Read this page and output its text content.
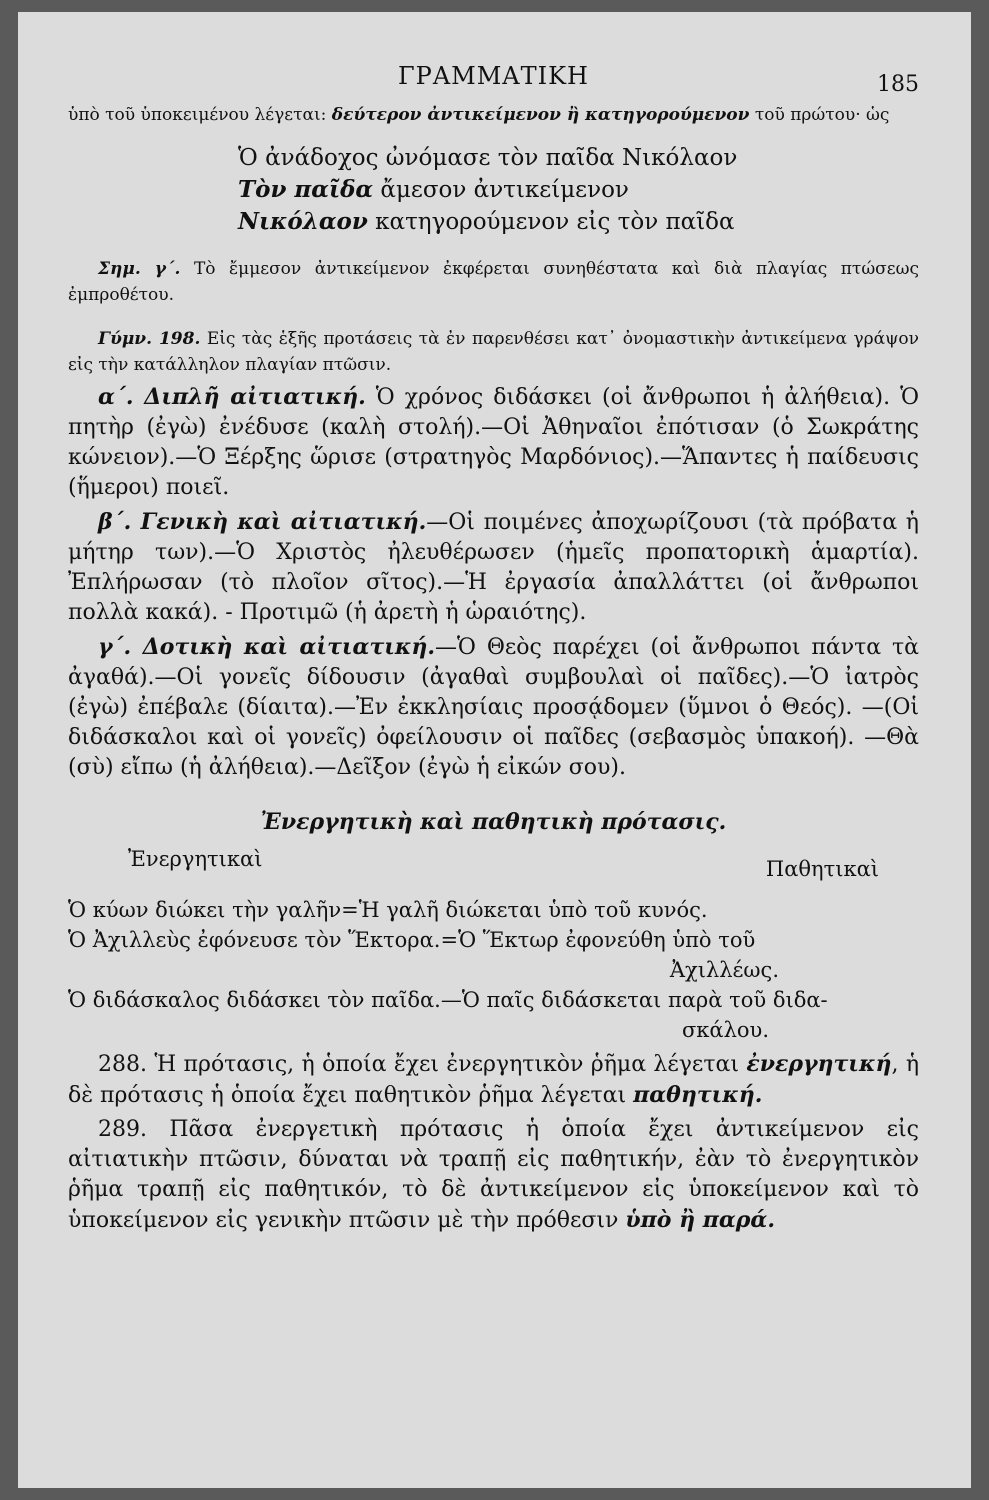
ΓΡΑΜΜΑΤΙΚΗ	185

ὑπὸ τοῦ ὑποκειμένου λέγεται: δεύτερον ἀντικείμενον ἢ κατηγορούμενον τοῦ πρώτου· ὡς

Ὁ ἀνάδοχος ὠνόμασε τὸν παῖδα Νικόλαον
Τὸν παῖδα ἄμεσον ἀντικείμενον
Νικόλαον κατηγορούμενον εἰς τὸν παῖδα

Σημ. γ΄. Τὸ ἔμμεσον ἀντικείμενον ἐκφέρεται συνηθέστατα καὶ διὰ πλαγίας πτώσεως ἐμπροθέτου.

Γύμν. 198. Εἰς τὰς ἑξῆς προτάσεις τὰ ἐν παρενθέσει κατ᾽ ὀνομαστικὴν ἀντικείμενα γράψον εἰς τὴν κατάλληλον πλαγίαν πτῶσιν.

α΄. Διπλῆ αἰτιατική. Ὁ χρόνος διδάσκει (οἱ ἄνθρωποι ἡ ἀλήθεια). Ὁ πητὴρ (ἐγὼ) ἐνέδυσε (καλὴ στολή).—Οἱ Ἀθηναῖοι ἐπότισαν (ὁ Σωκράτης κώνειον).—Ὁ Ξέρξης ὥρισε (στρατηγὸς Μαρδόνιος).—Ἅπαντες ἡ παίδευσις (ἥμεροι) ποιεῖ.

β΄. Γενικὴ καὶ αἰτιατική.—Οἱ ποιμένες ἀποχωρίζουσι (τὰ πρόβατα ἡ μήτηρ των).—Ὁ Χριστὸς ἠλευθέρωσεν (ἡμεῖς προπατορικὴ ἁμαρτία). Ἐπλήρωσαν (τὸ πλοῖον σῖτος).—Ἡ ἐργασία ἀπαλλάττει (οἱ ἄνθρωποι πολλὰ κακά). - Προτιμῶ (ἡ ἀρετὴ ἡ ὡραιότης).

γ΄. Δοτικὴ καὶ αἰτιατική.—Ὁ Θεὸς παρέχει (οἱ ἄνθρωποι πάντα τὰ ἀγαθά).—Οἱ γονεῖς δίδουσιν (ἀγαθαὶ συμβουλαὶ οἱ παῖδες).—Ὁ ἰατρὸς (ἐγὼ) ἐπέβαλε (δίαιτα).—Ἐν ἐκκλησίαις προσᾴδομεν (ὕμνοι ὁ Θεός). —(Οἱ διδάσκαλοι καὶ οἱ γονεῖς) ὀφείλουσιν οἱ παῖδες (σεβασμὸς ὑπακοή). —Θὰ (σὺ) εἴπω (ἡ ἀλήθεια).—Δεῖξον (ἐγὼ ἡ εἰκών σου).

Ἐνεργητικὴ καὶ παθητικὴ πρότασις.
Ἐνεργητικαὶ	Παθητικαὶ
Ὁ κύων διώκει τὴν γαλῆν=Ἡ γαλῆ διώκεται ὑπὸ τοῦ κυνός.
Ὁ Ἀχιλλεὺς ἐφόνευσε τὸν Ἕκτορα.=Ὁ Ἕκτωρ ἐφονεύθη ὑπὸ τοῦ
Ἀχιλλέως.
Ὁ διδάσκαλος διδάσκει τὸν παῖδα.—Ὁ παῖς διδάσκεται παρὰ τοῦ διδα-
σκάλου.

288. Ἡ πρότασις, ἡ ὁποία ἔχει ἐνεργητικὸν ῥῆμα λέγεται ἐνεργητική, ἡ δὲ πρότασις ἡ ὁποία ἔχει παθητικὸν ῥῆμα λέγεται παθητική.

289. Πᾶσα ἐνεργετικὴ πρότασις ἡ ὁποία ἔχει ἀντικείμενον εἰς αἰτιατικὴν πτῶσιν, δύναται νὰ τραπῇ εἰς παθητικήν, ἐὰν τὸ ἐνεργητικὸν ῥῆμα τραπῇ εἰς παθητικόν, τὸ δὲ ἀντικείμενον εἰς ὑποκείμενον καὶ τὸ ὑποκείμενον εἰς γενικὴν πτῶσιν μὲ τὴν πρόθεσιν ὑπὸ ἢ παρά.
